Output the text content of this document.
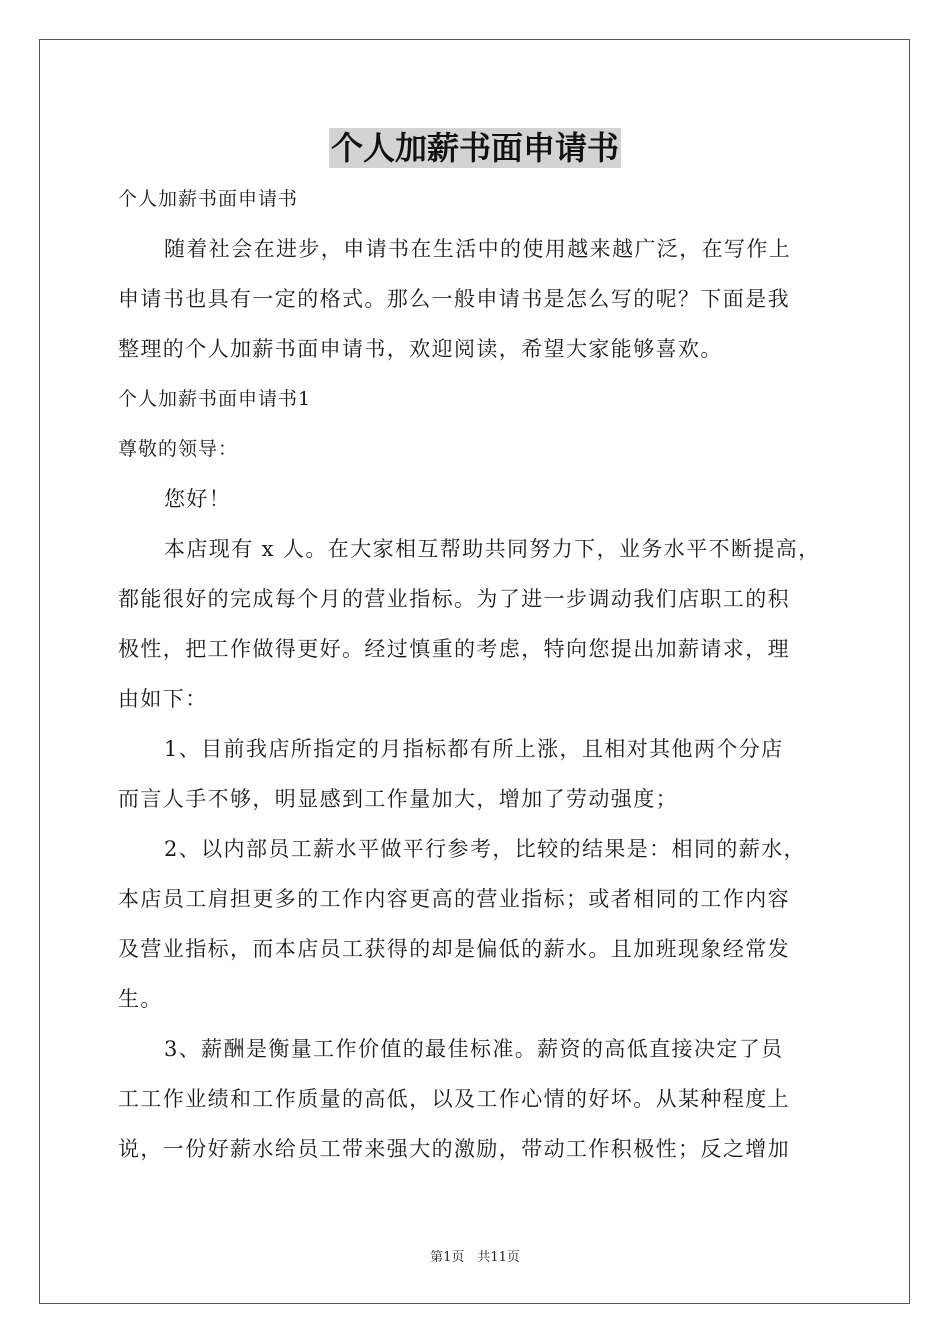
个人加薪书面申请书
个人加薪书面申请书
随着社会在进步，申请书在生活中的使用越来越广泛，在写作上
申请书也具有一定的格式。那么一般申请书是怎么写的呢？下面是我
整理的个人加薪书面申请书，欢迎阅读，希望大家能够喜欢。
个人加薪书面申请书1
尊敬的领导：
您好！
本店现有 x 人。在大家相互帮助共同努力下，业务水平不断提高，
都能很好的完成每个月的营业指标。为了进一步调动我们店职工的积
极性，把工作做得更好。经过慎重的考虑，特向您提出加薪请求，理
由如下：
1、目前我店所指定的月指标都有所上涨，且相对其他两个分店
而言人手不够，明显感到工作量加大，增加了劳动强度；
2、以内部员工薪水平做平行参考，比较的结果是：相同的薪水，
本店员工肩担更多的工作内容更高的营业指标；或者相同的工作内容
及营业指标，而本店员工获得的却是偏低的薪水。且加班现象经常发
生。
3、薪酬是衡量工作价值的最佳标准。薪资的高低直接决定了员
工工作业绩和工作质量的高低，以及工作心情的好坏。从某种程度上
说，一份好薪水给员工带来强大的激励，带动工作积极性；反之增加
第1页　共11页
